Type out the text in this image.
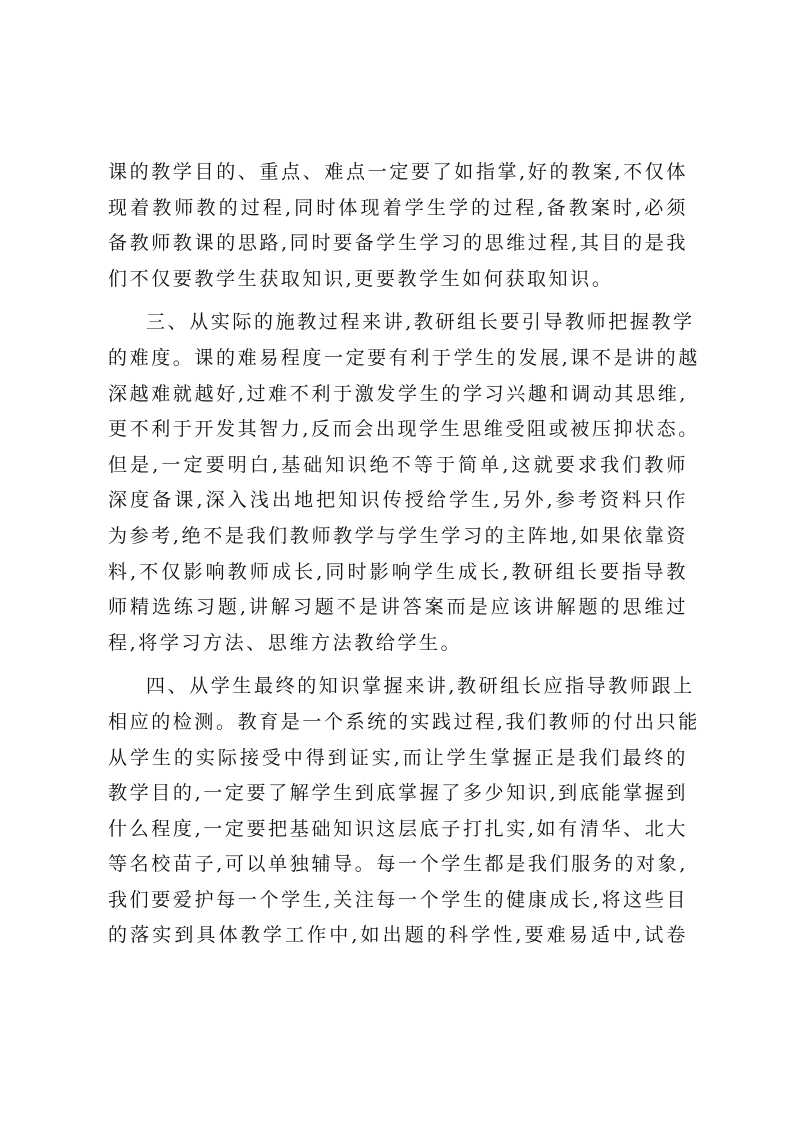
课的教学目的、重点、难点一定要了如指掌,好的教案,不仅体
现着教师教的过程,同时体现着学生学的过程,备教案时,必须
备教师教课的思路,同时要备学生学习的思维过程,其目的是我
们不仅要教学生获取知识,更要教学生如何获取知识。

三、从实际的施教过程来讲,教研组长要引导教师把握教学
的难度。课的难易程度一定要有利于学生的发展,课不是讲的越
深越难就越好,过难不利于激发学生的学习兴趣和调动其思维,
更不利于开发其智力,反而会出现学生思维受阻或被压抑状态。
但是,一定要明白,基础知识绝不等于简单,这就要求我们教师
深度备课,深入浅出地把知识传授给学生,另外,参考资料只作
为参考,绝不是我们教师教学与学生学习的主阵地,如果依靠资
料,不仅影响教师成长,同时影响学生成长,教研组长要指导教
师精选练习题,讲解习题不是讲答案而是应该讲解题的思维过
程,将学习方法、思维方法教给学生。

四、从学生最终的知识掌握来讲,教研组长应指导教师跟上
相应的检测。教育是一个系统的实践过程,我们教师的付出只能
从学生的实际接受中得到证实,而让学生掌握正是我们最终的
教学目的,一定要了解学生到底掌握了多少知识,到底能掌握到
什么程度,一定要把基础知识这层底子打扎实,如有清华、北大
等名校苗子,可以单独辅导。每一个学生都是我们服务的对象,
我们要爱护每一个学生,关注每一个学生的健康成长,将这些目
的落实到具体教学工作中,如出题的科学性,要难易适中,试卷
